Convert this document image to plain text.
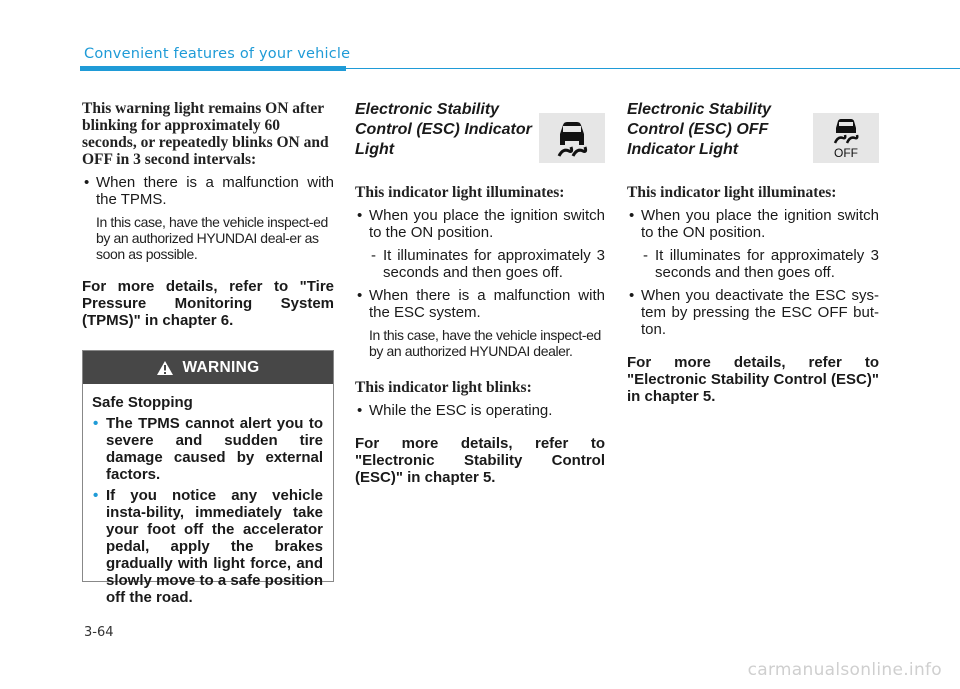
Convenient features of your vehicle
This warning light remains ON after blinking for approximately 60 seconds, or repeatedly blinks ON and OFF in 3 second intervals:
• When there is a malfunction with the TPMS.
In this case, have the vehicle inspect-ed by an authorized HYUNDAI deal-er as soon as possible.
For more details, refer to "Tire Pressure Monitoring System (TPMS)" in chapter 6.
WARNING
Safe Stopping
• The TPMS cannot alert you to severe and sudden tire damage caused by external factors.
• If you notice any vehicle insta-bility, immediately take your foot off the accelerator pedal, apply the brakes gradually with light force, and slowly move to a safe position off the road.
Electronic Stability Control (ESC) Indicator Light
This indicator light illuminates:
• When you place the ignition switch to the ON position.
- It illuminates for approximately 3 seconds and then goes off.
• When there is a malfunction with the ESC system.
In this case, have the vehicle inspect-ed by an authorized HYUNDAI dealer.
This indicator light blinks:
• While the ESC is operating.
For more details, refer to "Electronic Stability Control (ESC)" in chapter 5.
Electronic Stability Control (ESC) OFF Indicator Light	OFF
This indicator light illuminates:
• When you place the ignition switch to the ON position.
- It illuminates for approximately 3 seconds and then goes off.
• When you deactivate the ESC sys-tem by pressing the ESC OFF but-ton.
For more details, refer to "Electronic Stability Control (ESC)" in chapter 5.
3-64
carmanualsonline.info
